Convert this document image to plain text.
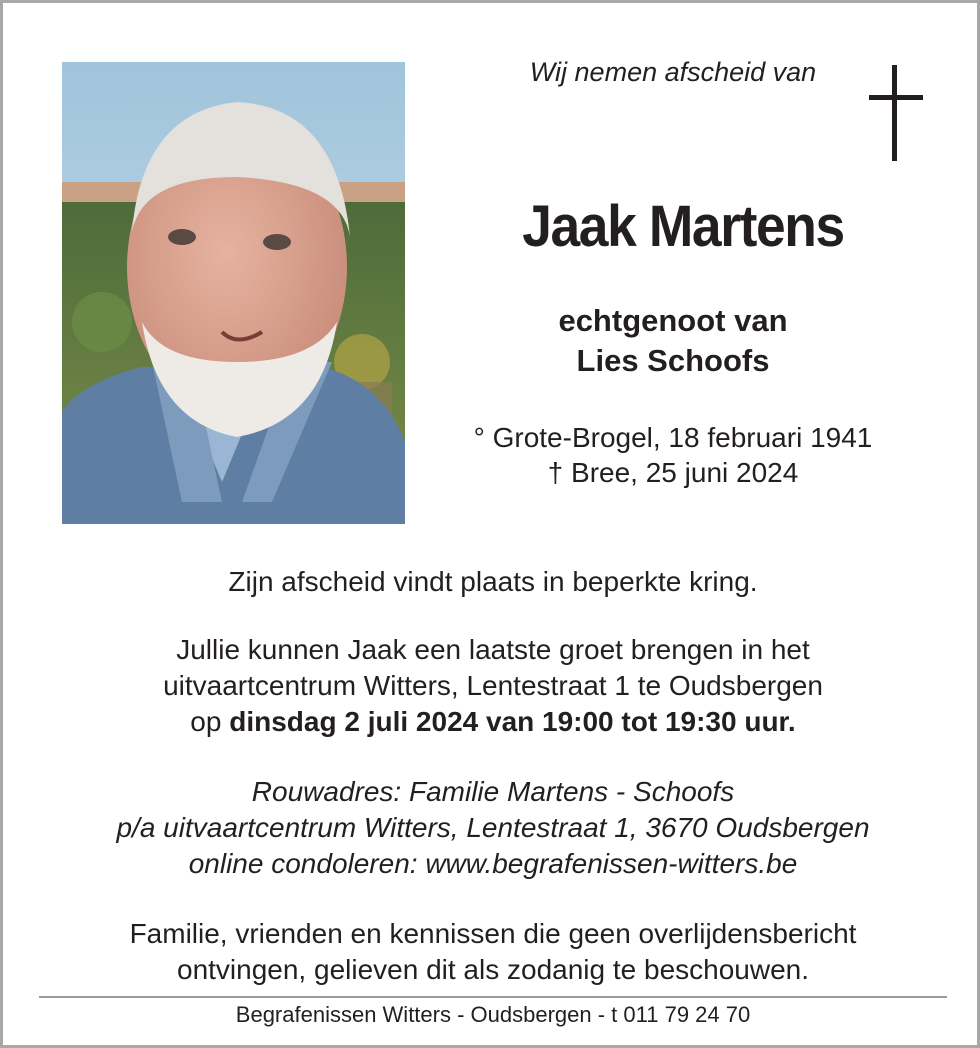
Wij nemen afscheid van
Jaak Martens
echtgenoot van
Lies Schoofs
° Grote-Brogel, 18 februari 1941
† Bree, 25 juni 2024
Zijn afscheid vindt plaats in beperkte kring.
Jullie kunnen Jaak een laatste groet brengen in het
uitvaartcentrum Witters, Lentestraat 1 te Oudsbergen
op dinsdag 2 juli 2024 van 19:00 tot 19:30 uur.
Rouwadres: Familie Martens - Schoofs
p/a uitvaartcentrum Witters, Lentestraat 1, 3670 Oudsbergen
online condoleren: www.begrafenissen-witters.be
Familie, vrienden en kennissen die geen overlijdensbericht
ontvingen, gelieven dit als zodanig te beschouwen.
Begrafenissen Witters - Oudsbergen - t 011 79 24 70
